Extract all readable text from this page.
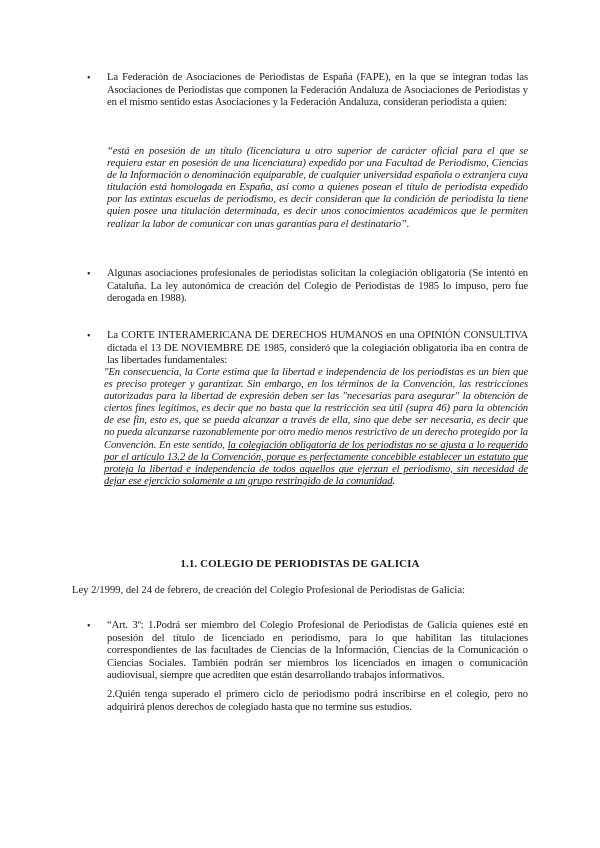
• La Federación de Asociaciones de Periodistas de España (FAPE), en la que se integran todas las Asociaciones de Periodistas que componen la Federación Andaluza de Asociaciones de Periodistas y en el mismo sentido estas Asociaciones y la Federación Andaluza, consideran periodista a quien:
“está en posesión de un título (licenciatura u otro superior de carácter oficial para el que se requiera estar en posesión de una licenciatura) expedido por una Facultad de Periodismo, Ciencias de la Información o denominación equiparable, de cualquier universidad española o extranjera cuya titulación está homologada en España, así como a quienes posean el título de periodista expedido por las extintas escuelas de periodismo, es decir consideran que la condición de periodista la tiene quien posee una titulación determinada, es decir unos conocimientos académicos que le permiten realizar la labor de comunicar con unas garantías para el destinatario”.
• Algunas asociaciones profesionales de periodistas solicitan la colegiación obligatoria (Se intentó en Cataluña. La ley autonómica de creación del Colegio de Periodistas de 1985 lo impuso, pero fue derogada en 1988).
• La CORTE INTERAMERICANA DE DERECHOS HUMANOS en una OPINIÓN CONSULTIVA dictada el 13 DE NOVIEMBRE DE 1985, consideró que la colegiación obligatoria iba en contra de las libertades fundamentales:
"En consecuencia, la Corte estima que la libertad e independencia de los periodistas es un bien que es preciso proteger y garantizar. Sin embargo, en los términos de la Convención, las restricciones autorizadas para la libertad de expresión deben ser las "necesarias para asegurar" la obtención de ciertos fines legítimos, es decir que no basta que la restricción sea útil (supra 46) para la obtención de ese fin, esto es, que se pueda alcanzar a través de ella, sino que debe ser necesaria, es decir que no pueda alcanzarse razonablemente por otro medio menos restrictivo de un derecho protegido por la Convención. En este sentido, la colegiación obligatoria de los periodistas no se ajusta a lo requerido por el artículo 13.2 de la Convención, porque es perfectamente concebible establecer un estatuto que proteja la libertad e independencia de todos aquellos que ejerzan el periodismo, sin necesidad de dejar ese ejercicio solamente a un grupo restringido de la comunidad.
1.1. COLEGIO DE PERIODISTAS DE GALICIA
Ley 2/1999, del 24 de febrero, de creación del Colegio Profesional de Periodistas de Galicia:
• “Art. 3º: 1.Podrá ser miembro del Colegio Profesional de Periodistas de Galicia quienes esté en posesión del título de licenciado en periodismo, para lo que habilitan las titulaciones correspondientes de las facultades de Ciencias de la Información, Ciencias de la Comunicación o Ciencias Sociales. También podrán ser miembros los licenciados en imagen o comunicación audiovisual, siempre que acrediten que están desarrollando trabajos informativos.
2.Quién tenga superado el primero ciclo de periodismo podrá inscribirse en el colegio, pero no adquirirá plenos derechos de colegiado hasta que no termine sus estudios.
